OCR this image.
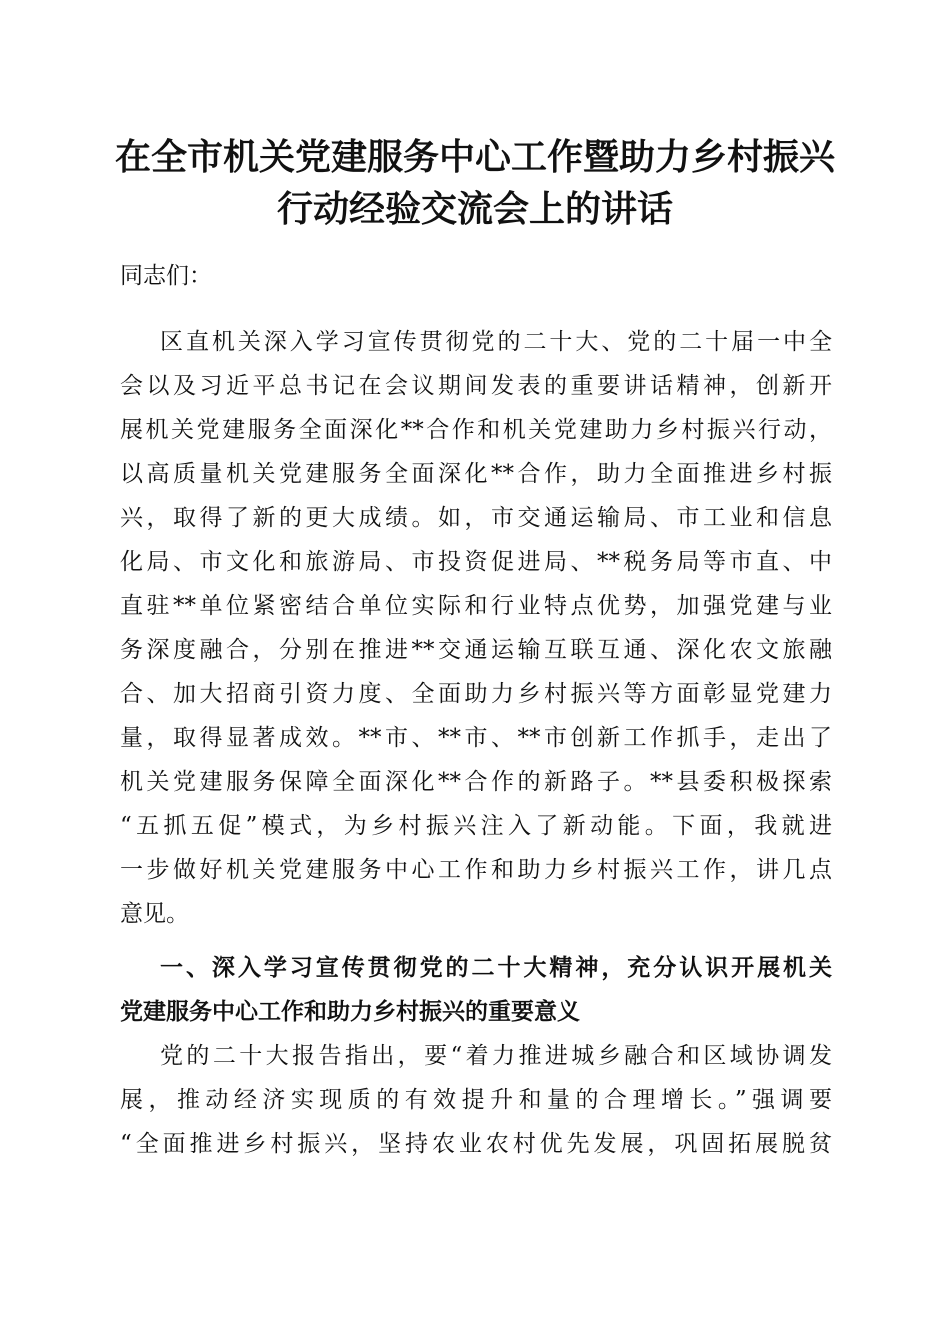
在全市机关党建服务中心工作暨助力乡村振兴
行动经验交流会上的讲话
同志们：
区直机关深入学习宣传贯彻党的二十大、党的二十届一中全
会以及习近平总书记在会议期间发表的重要讲话精神，创新开
展机关党建服务全面深化**合作和机关党建助力乡村振兴行动，
以高质量机关党建服务全面深化**合作，助力全面推进乡村振
兴，取得了新的更大成绩。如，市交通运输局、市工业和信息
化局、市文化和旅游局、市投资促进局、**税务局等市直、中
直驻**单位紧密结合单位实际和行业特点优势，加强党建与业
务深度融合，分别在推进**交通运输互联互通、深化农文旅融
合、加大招商引资力度、全面助力乡村振兴等方面彰显党建力
量，取得显著成效。**市、**市、**市创新工作抓手，走出了
机关党建服务保障全面深化**合作的新路子。**县委积极探索
“五抓五促”模式，为乡村振兴注入了新动能。下面，我就进
一步做好机关党建服务中心工作和助力乡村振兴工作，讲几点
意见。
一、深入学习宣传贯彻党的二十大精神，充分认识开展机关
党建服务中心工作和助力乡村振兴的重要意义
党的二十大报告指出，要“着力推进城乡融合和区域协调发
展，推动经济实现质的有效提升和量的合理增长。”强调要
“全面推进乡村振兴，坚持农业农村优先发展，巩固拓展脱贫
